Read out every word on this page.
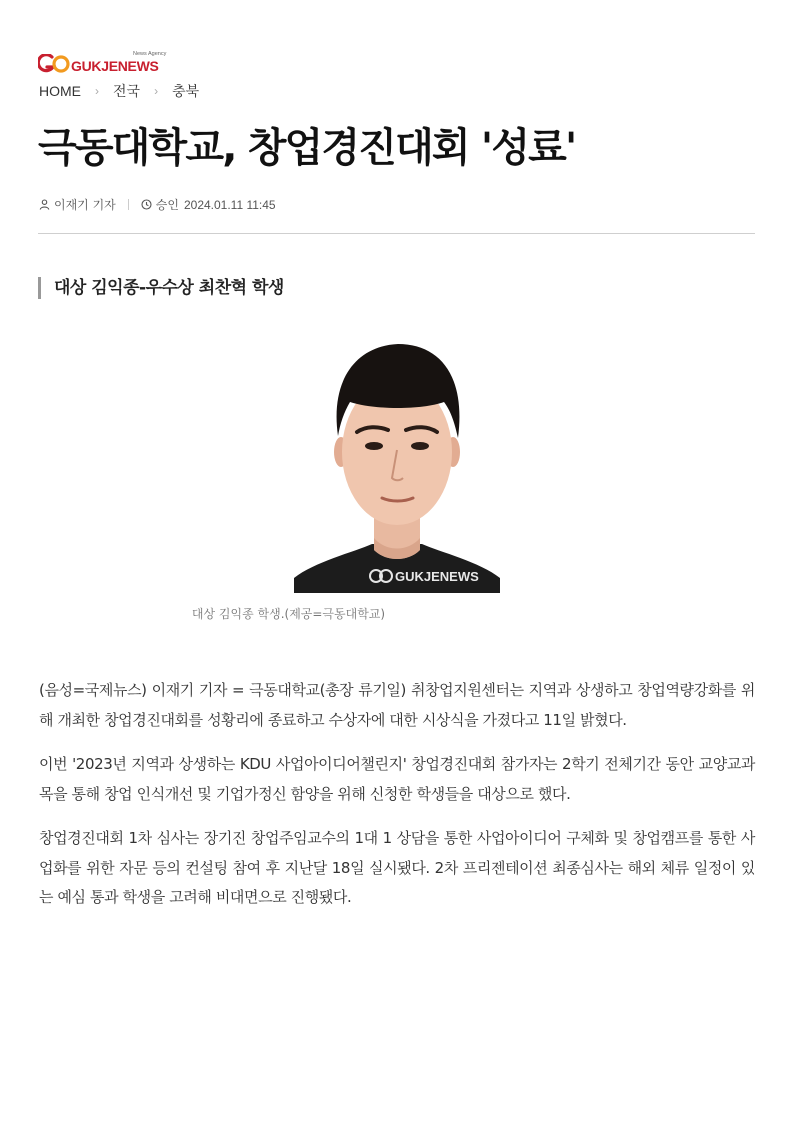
GUKJENEWS
News Agency
HOME › 전국 › 충북
극동대학교, 창업경진대회 '성료'
이재기 기자	승인 2024.01.11 11:45
대상 김익종-우수상 최찬혁 학생
GUKJENEWS
대상 김익종 학생.(제공=극동대학교)

(음성=국제뉴스) 이재기 기자 = 극동대학교(총장 류기일) 취창업지원센터는 지역과 상생하고 창업역량강화를 위해 개최한 창업경진대회를 성황리에 종료하고 수상자에 대한 시상식을 가졌다고 11일 밝혔다.

이번 '2023년 지역과 상생하는 KDU 사업아이디어챌린지' 창업경진대회 참가자는 2학기 전체기간 동안 교양교과목을 통해 창업 인식개선 및 기업가정신 함양을 위해 신청한 학생들을 대상으로 했다.

창업경진대회 1차 심사는 장기진 창업주임교수의 1대 1 상담을 통한 사업아이디어 구체화 및 창업캠프를 통한 사업화를 위한 자문 등의 컨설팅 참여 후 지난달 18일 실시됐다. 2차 프리젠테이션 최종심사는 해외 체류 일정이 있는 예심 통과 학생을 고려해 비대면으로 진행됐다.
